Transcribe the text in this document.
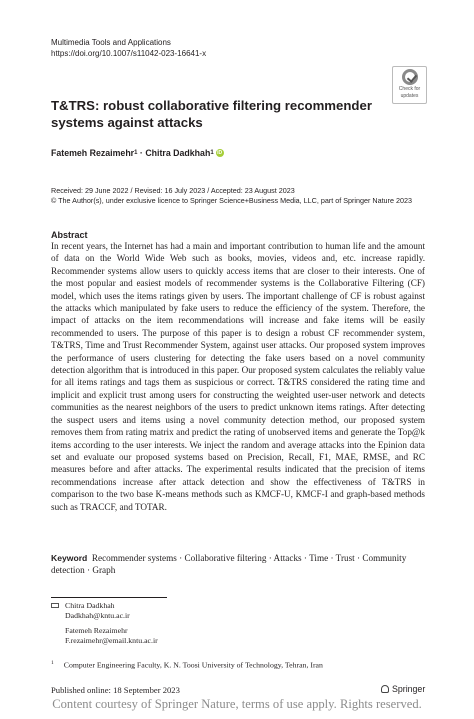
Multimedia Tools and Applications
https://doi.org/10.1007/s11042-023-16641-x
Check for
updates
T&TRS: robust collaborative filtering recommender systems against attacks
Fatemeh Rezaimehr 1
·
Chitra Dadkhah 1 iD
Received: 29 June 2022 / Revised: 16 July 2023 / Accepted: 23 August 2023
© The Author(s), under exclusive licence to Springer Science+Business Media, LLC, part of Springer Nature 2023
Abstract

In recent years, the Internet has had a main and important contribution to human life and the amount of data on the World Wide Web such as books, movies, videos and, etc. increase rapidly. Recommender systems allow users to quickly access items that are closer to their interests. One of the most popular and easiest models of recommender systems is the Collaborative Filtering (CF) model, which uses the items ratings given by users. The important challenge of CF is robust against the attacks which manipulated by fake users to reduce the efficiency of the system. Therefore, the impact of attacks on the item recommendations will increase and fake items will be easily recommended to users. The purpose of this paper is to design a robust CF recommender system, T&TRS, Time and Trust Recommender System, against user attacks. Our proposed system improves the performance of users clustering for detecting the fake users based on a novel community detection algorithm that is introduced in this paper. Our proposed system calculates the reliably value for all items ratings and tags them as suspicious or correct. T&TRS considered the rating time and implicit and explicit trust among users for constructing the weighted user-user network and detects communities as the nearest neighbors of the users to predict unknown items ratings. After detecting the suspect users and items using a novel community detection method, our proposed system removes them from rating matrix and predict the rating of unobserved items and generate the Top@k items according to the user interests. We inject the random and average attacks into the Epinion data set and evaluate our proposed systems based on Precision, Recall, F1, MAE, RMSE, and RC measures before and after attacks. The experimental results indicated that the precision of items recommendations increase after attack detection and show the effectiveness of T&TRS in comparison to the two base K-means methods such as KMCF-U, KMCF-I and graph-based methods such as TRACCF, and TOTAR.

Keyword Recommender systems · Collaborative filtering · Attacks · Time · Trust · Community detection · Graph
Chitra Dadkhah
Dadkhah@kntu.ac.ir
Fatemeh Rezaimehr
F.rezaimehr@email.kntu.ac.ir
$^1$ Computer Engineering Faculty, K. N. Toosi University of Technology, Tehran, Iran
Published online: 18 September 2023	Springer
Content courtesy of Springer Nature, terms of use apply. Rights reserved.
